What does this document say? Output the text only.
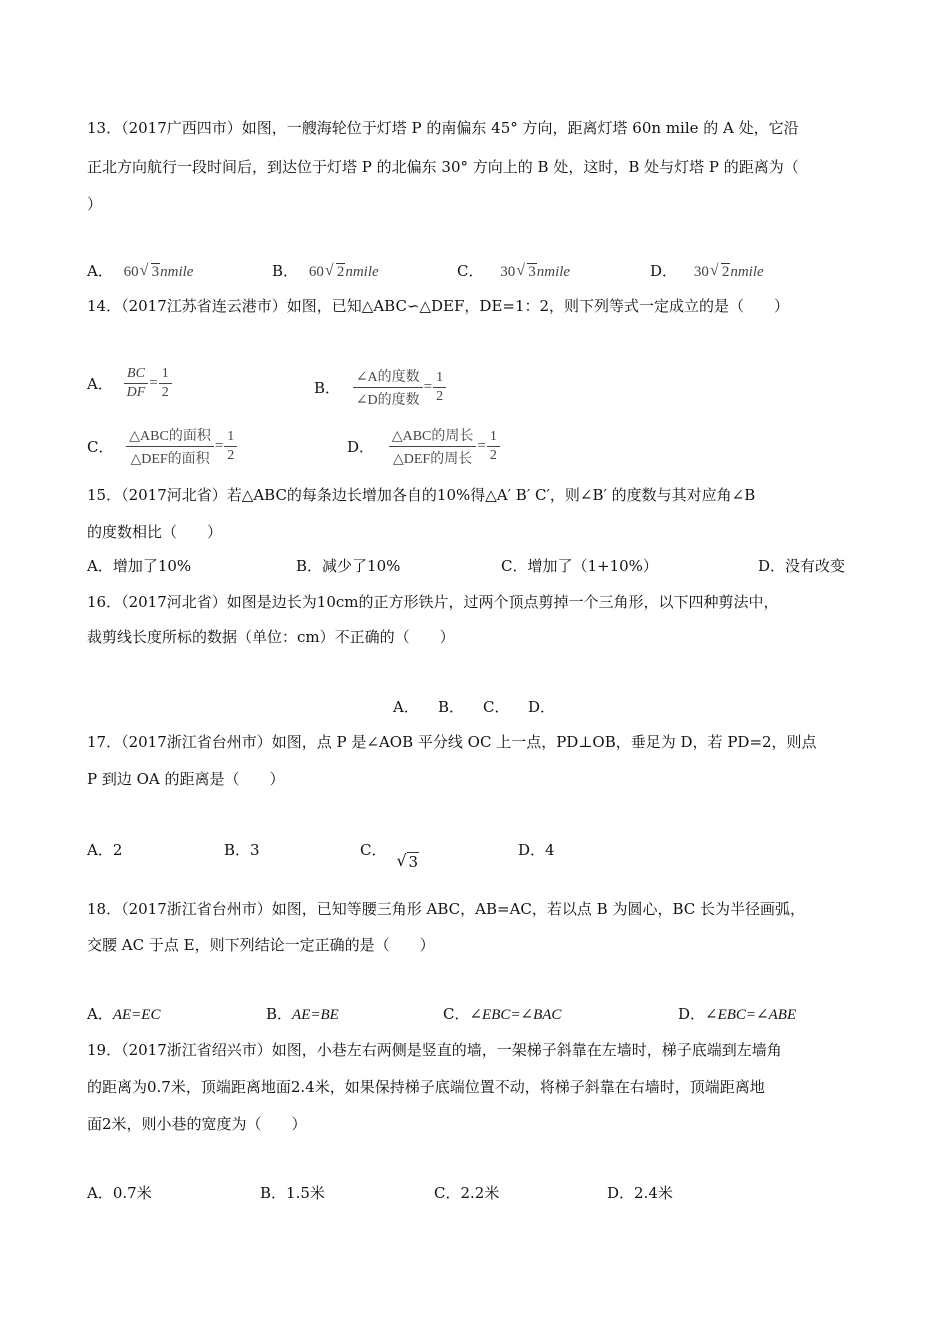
13．（2017广西四市）如图，一艘海轮位于灯塔 P 的南偏东 45° 方向，距离灯塔 60n mile 的 A 处，它沿
正北方向航行一段时间后，到达位于灯塔 P 的北偏东 30° 方向上的 B 处，这时，B 处与灯塔 P 的距离为（
）
A． 60 √ 3nmile	B． 60 √ 2nmile	C． 30 √ 3nmile	D． 30 √ 2nmile
14．（2017江苏省连云港市）如图，已知△ABC∽△DEF，DE=1：2，则下列等式一定成立的是（　　）
A． $\frac{BC}{DF} = \frac{1}{2}$	B． $\frac{\text{∠A的度数}}{\text{∠D的度数}} = \frac{1}{2}$
C． $\frac{\text{△ABC的面积}}{\text{△DEF的面积}} = \frac{1}{2}$	D． $\frac{\text{△ABC的周长}}{\text{△DEF的周长}} = \frac{1}{2}$
15．（2017河北省）若△ABC的每条边长增加各自的10%得△A′ B′ C′，则∠B′ 的度数与其对应角∠B
的度数相比（　　）
A．增加了10%	B．减少了10%	C．增加了（1+10%）	D．没有改变
16．（2017河北省）如图是边长为10cm的正方形铁片，过两个顶点剪掉一个三角形，以下四种剪法中，
裁剪线长度所标的数据（单位：cm）不正确的（　　）
A． B． C． D．
17．（2017浙江省台州市）如图，点 P 是∠AOB 平分线 OC 上一点，PD⊥OB，垂足为 D，若 PD=2，则点
P 到边 OA 的距离是（　　）
A．2	B．3	C．√ 3
D．4
18．（2017浙江省台州市）如图，已知等腰三角形 ABC，AB=AC，若以点 B 为圆心，BC 长为半径画弧，
交腰 AC 于点 E，则下列结论一定正确的是（　　）
A．AE=EC	B．AE=BE	C．∠EBC=∠BAC	D．∠EBC=∠ABE
19．（2017浙江省绍兴市）如图，小巷左右两侧是竖直的墙，一架梯子斜靠在左墙时，梯子底端到左墙角
的距离为0.7米，顶端距离地面2.4米，如果保持梯子底端位置不动，将梯子斜靠在右墙时，顶端距离地
面2米，则小巷的宽度为（　　）
A．0.7米	B．1.5米	C．2.2米	D．2.4米
